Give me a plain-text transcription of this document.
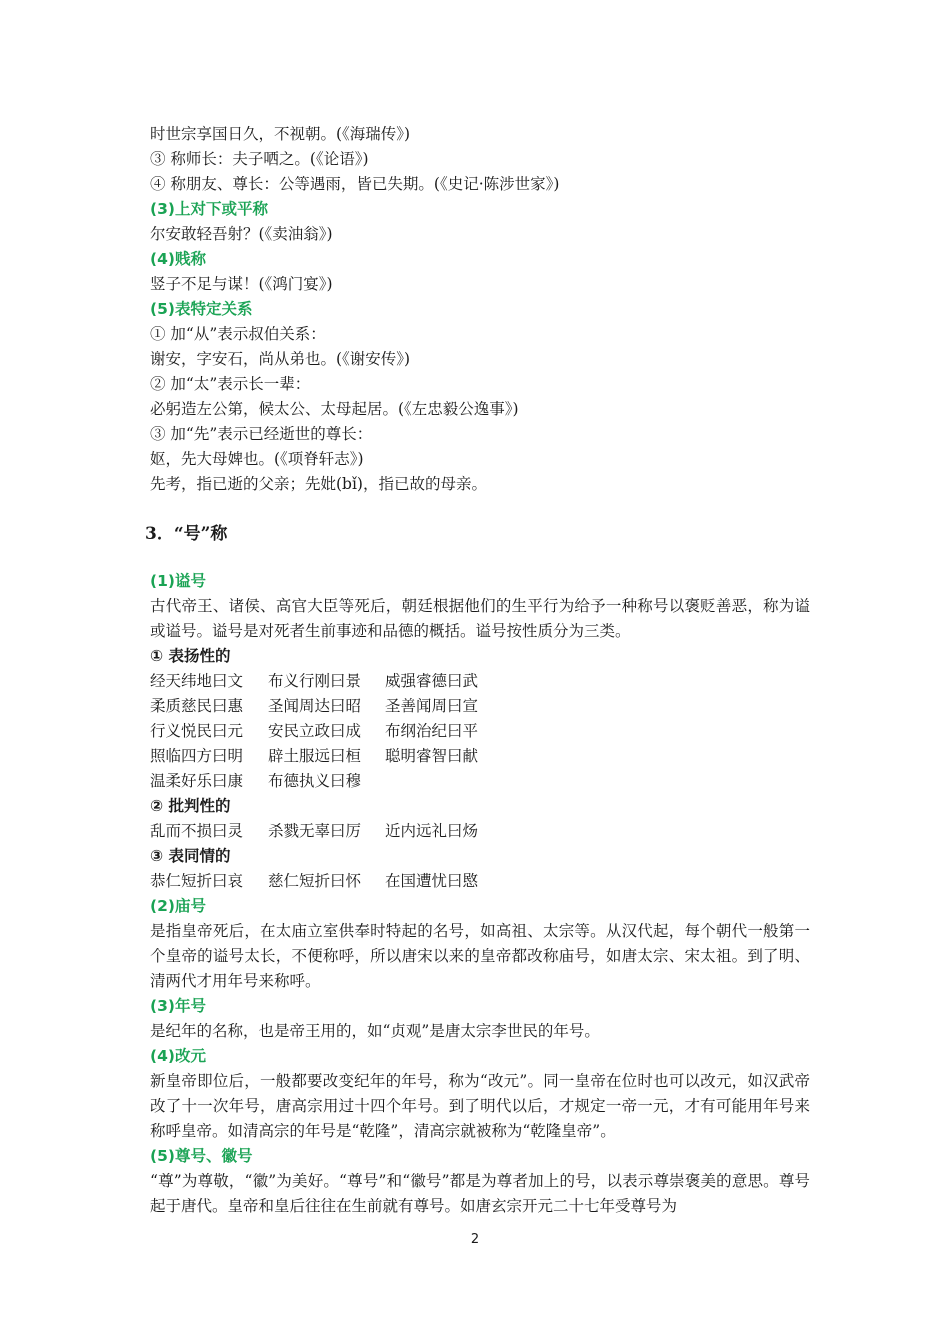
时世宗享国日久，不视朝。(《海瑞传》)
③ 称师长：夫子哂之。(《论语》)
④ 称朋友、尊长：公等遇雨，皆已失期。(《史记·陈涉世家》)
(3)上对下或平称
尔安敢轻吾射？(《卖油翁》)
(4)贱称
竖子不足与谋！(《鸿门宴》)
(5)表特定关系
① 加“从”表示叔伯关系：
谢安，字安石，尚从弟也。(《谢安传》)
② 加“太”表示长一辈：
必躬造左公第，候太公、太母起居。(《左忠毅公逸事》)
③ 加“先”表示已经逝世的尊长：
妪，先大母婢也。(《项脊轩志》)
先考，指已逝的父亲；先妣(bǐ)，指已故的母亲。
3．“号”称
(1)谥号
古代帝王、诸侯、高官大臣等死后，朝廷根据他们的生平行为给予一种称号以褒贬善恶，称为谥或谥号。谥号是对死者生前事迹和品德的概括。谥号按性质分为三类。
① 表扬性的
经天纬地曰文	布义行刚曰景	威强睿德曰武
柔质慈民曰惠	圣闻周达曰昭	圣善闻周曰宣
行义悦民曰元	安民立政曰成	布纲治纪曰平
照临四方曰明	辟土服远曰桓	聪明睿智曰献
温柔好乐曰康	布德执义曰穆
② 批判性的
乱而不损曰灵	杀戮无辜曰厉	近内远礼曰炀
③ 表同情的
恭仁短折曰哀	慈仁短折曰怀	在国遭忧曰愍
(2)庙号
是指皇帝死后，在太庙立室供奉时特起的名号，如高祖、太宗等。从汉代起，每个朝代一般第一个皇帝的谥号太长，不便称呼，所以唐宋以来的皇帝都改称庙号，如唐太宗、宋太祖。到了明、清两代才用年号来称呼。
(3)年号
是纪年的名称，也是帝王用的，如“贞观”是唐太宗李世民的年号。
(4)改元
新皇帝即位后，一般都要改变纪年的年号，称为“改元”。同一皇帝在位时也可以改元，如汉武帝改了十一次年号，唐高宗用过十四个年号。到了明代以后，才规定一帝一元，才有可能用年号来称呼皇帝。如清高宗的年号是“乾隆”，清高宗就被称为“乾隆皇帝”。
(5)尊号、徽号
“尊”为尊敬，“徽”为美好。“尊号”和“徽号”都是为尊者加上的号，以表示尊崇褒美的意思。尊号起于唐代。皇帝和皇后往往在生前就有尊号。如唐玄宗开元二十七年受尊号为
2
